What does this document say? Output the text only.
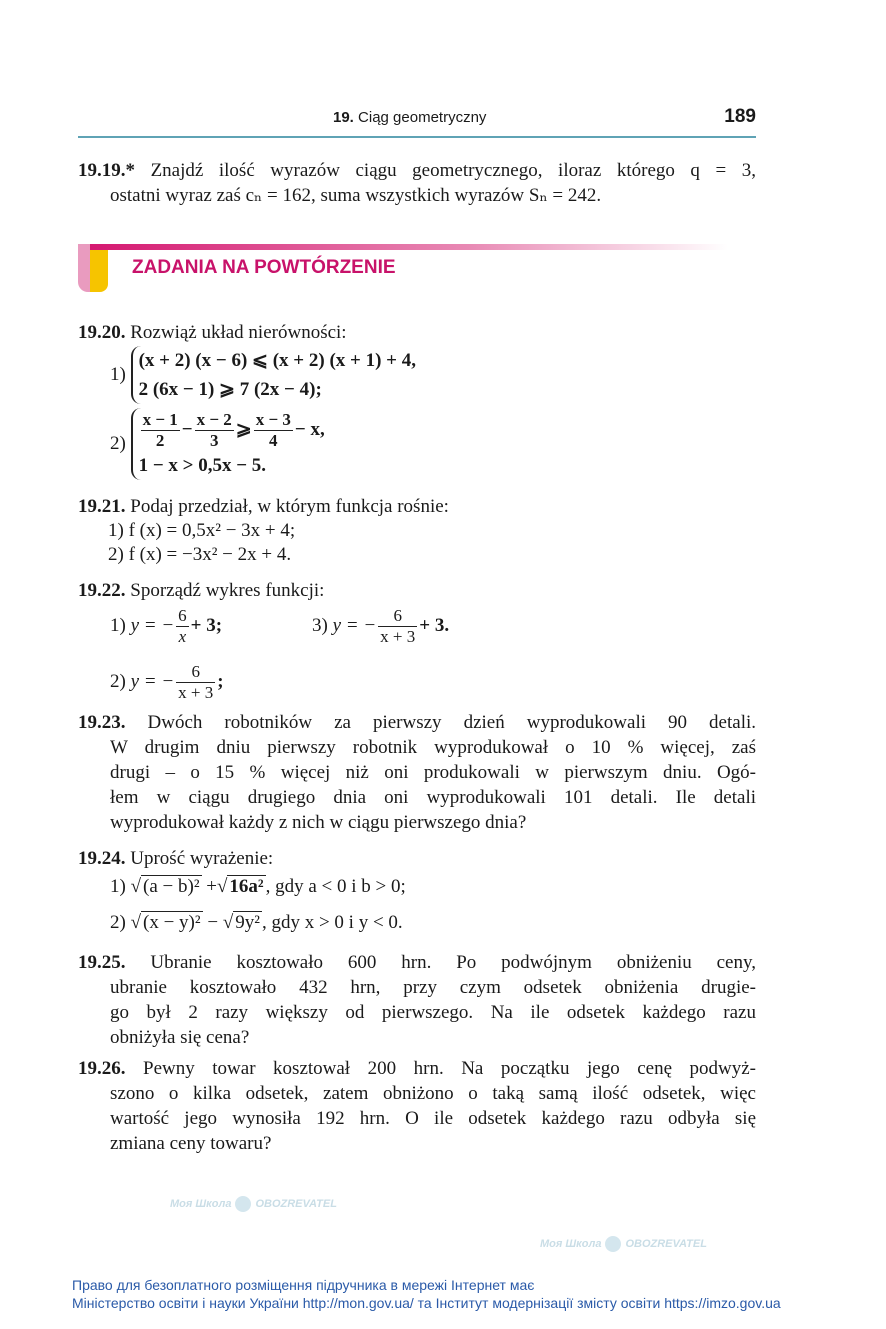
Моя Школа OBOZREVATEL
Моя Школа OBOZREVATEL
19. Ciąg geometryczny	189
19.19.* Znajdź ilość wyrazów ciągu geometrycznego, iloraz którego q = 3,
ostatni wyraz zaś cₙ = 162, suma wszystkich wyrazów Sₙ = 242.
ZADANIA NA POWTÓRZENIE
19.20. Rozwiąż układ nierówności:
1)
(x + 2) (x − 6) ⩽ (x + 2) (x + 1) + 4,
2 (6x − 1) ⩾ 7 (2x − 4);
$2) \frac{x - 1}{2} - \frac{x - 2}{3}$ ⩾ $\frac{x - 3}{4} - x$,
1 − x > 0,5x − 5.
19.21. Podaj przedział, w którym funkcja rośnie:
1) f (x) = 0,5x² − 3x + 4;
2) f (x) = −3x² − 2x + 4.
19.22. Sporządź wykres funkcji:
1) y = − $\frac{6}{x} + 3$;	3) y = − $\frac{6}{x + 3} + 3$.
2) y = − $\frac{6}{x + 3}$ ;
19.23. Dwóch robotników za pierwszy dzień wyprodukowali 90 detali.
W drugim dniu pierwszy robotnik wyprodukował o 10 % więcej, zaś
drugi – o 15 % więcej niż oni produkowali w pierwszym dniu. Ogó-
łem w ciągu drugiego dnia oni wyprodukowali 101 detali. Ile detali
wyprodukował każdy z nich w ciągu pierwszego dnia?
19.24. Uprość wyrażenie:
1) √ (a − b)² +√ 16a² , gdy a < 0 i b > 0;
2) √ (x − y)² − √ 9y² , gdy x > 0 i y < 0.
19.25. Ubranie kosztowało 600 hrn. Po podwójnym obniżeniu ceny,
ubranie kosztowało 432 hrn, przy czym odsetek obniżenia drugie-
go był 2 razy większy od pierwszego. Na ile odsetek każdego razu
obniżyła się cena?
19.26. Pewny towar kosztował 200 hrn. Na początku jego cenę podwyż-
szono o kilka odsetek, zatem obniżono o taką samą ilość odsetek, więc
wartość jego wynosiła 192 hrn. O ile odsetek każdego razu odbyła się
zmiana ceny towaru?
Право для безоплатного розміщення підручника в мережі Інтернет має
Міністерство освіти і науки України http://mon.gov.ua/ та Інститут модернізації змісту освіти https://imzo.gov.ua
